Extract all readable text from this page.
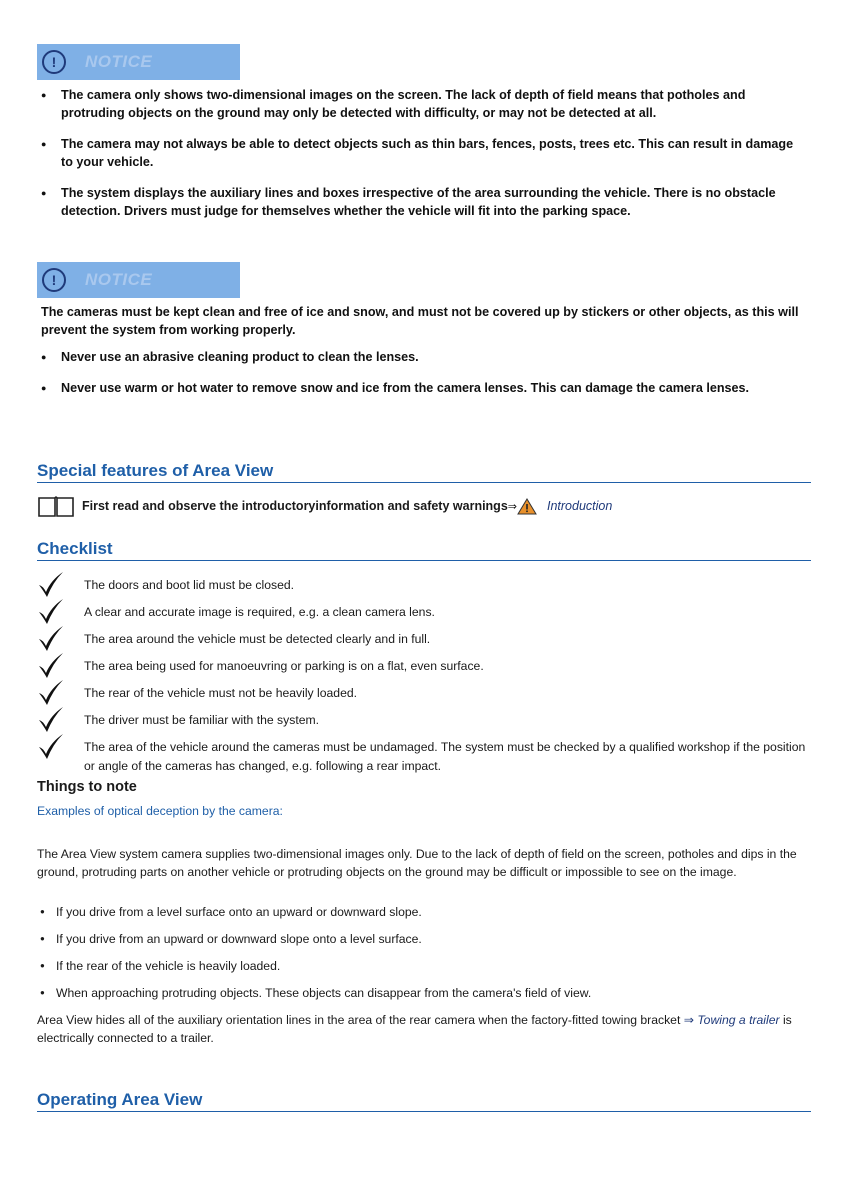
!	NOTICE
● The camera only shows two-dimensional images on the screen. The lack of depth of field means that potholes and protruding objects on the ground may only be detected with difficulty, or may not be detected at all.
● The camera may not always be able to detect objects such as thin bars, fences, posts, trees etc. This can result in damage to your vehicle.
● The system displays the auxiliary lines and boxes irrespective of the area surrounding the vehicle. There is no obstacle detection. Drivers must judge for themselves whether the vehicle will fit into the parking space.
!	NOTICE
The cameras must be kept clean and free of ice and snow, and must not be covered up by stickers or other objects, as this will prevent the system from working properly.
● Never use an abrasive cleaning product to clean the lenses.
● Never use warm or hot water to remove snow and ice from the camera lenses. This can damage the camera lenses.
Special features of Area View
First read and observe the introductoryinformation and safety warnings ⇒ Introduction
Checklist
The doors and boot lid must be closed.
A clear and accurate image is required, e.g. a clean camera lens.
The area around the vehicle must be detected clearly and in full.
The area being used for manoeuvring or parking is on a flat, even surface.
The rear of the vehicle must not be heavily loaded.
The driver must be familiar with the system.
The area of the vehicle around the cameras must be undamaged. The system must be checked by a qualified workshop if the position or angle of the cameras has changed, e.g. following a rear impact.
Things to note
Examples of optical deception by the camera:
The Area View system camera supplies two-dimensional images only. Due to the lack of depth of field on the screen, potholes and dips in the ground, protruding parts on another vehicle or protruding objects on the ground may be difficult or impossible to see on the image.
● If you drive from a level surface onto an upward or downward slope.
● If you drive from an upward or downward slope onto a level surface.
● If the rear of the vehicle is heavily loaded.
● When approaching protruding objects. These objects can disappear from the camera's field of view.
Area View hides all of the auxiliary orientation lines in the area of the rear camera when the factory-fitted towing bracket ⇒ Towing a trailer is electrically connected to a trailer.
Operating Area View
